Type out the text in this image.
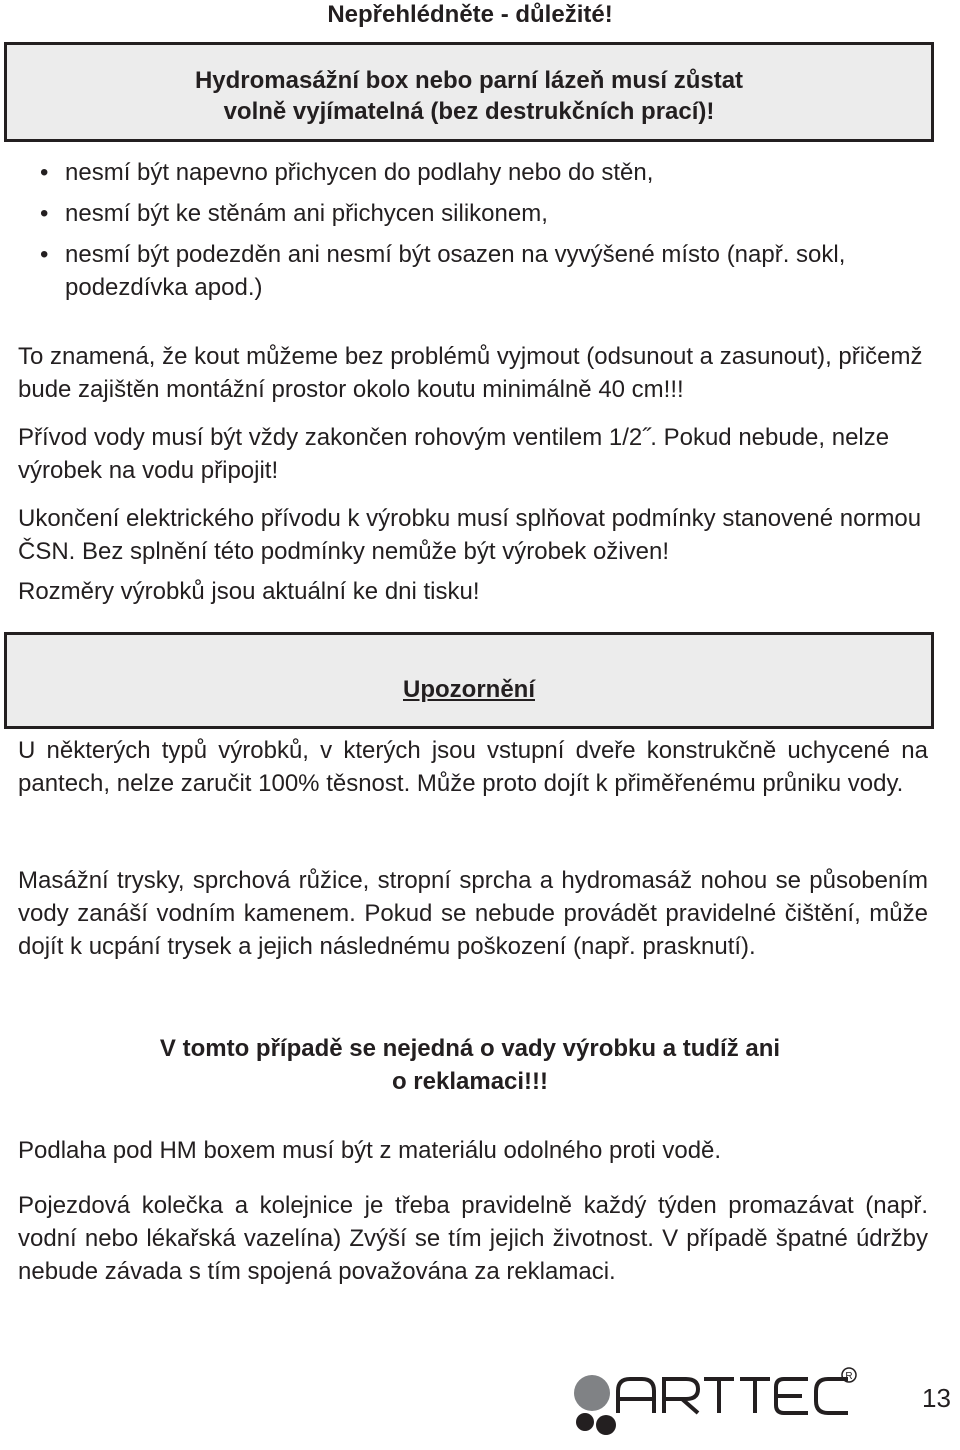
Nepřehlédněte - důležité!
Hydromasážní box nebo parní lázeň musí zůstat
volně vyjímatelná (bez destrukčních prací)!
• nesmí být napevno přichycen do podlahy nebo do stěn,
• nesmí být ke stěnám ani přichycen silikonem,
• nesmí být podezděn ani nesmí být osazen na vyvýšené místo (např. sokl, podezdívka apod.)

To znamená, že kout můžeme bez problémů vyjmout (odsunout a zasunout), přičemž bude zajištěn montážní prostor okolo koutu minimálně 40 cm!!!

Přívod vody musí být vždy zakončen rohovým ventilem 1/2˝. Pokud nebude, nelze výrobek na vodu připojit!

Ukončení elektrického přívodu k výrobku musí splňovat podmínky stanovené normou ČSN. Bez splnění této podmínky nemůže být výrobek oživen!

Rozměry výrobků jsou aktuální ke dni tisku!

Upozornění

U některých typů výrobků, v kterých jsou vstupní dveře konstrukčně uchycené na pantech, nelze zaručit 100% těsnost. Může proto dojít k přiměřenému průniku vody.

Masážní trysky, sprchová růžice, stropní sprcha a hydromasáž nohou se působením vody zanáší vodním kamenem. Pokud se nebude provádět pravidelné čištění, může dojít k ucpání trysek a jejich následnému poškození (např. prasknutí).

V tomto případě se nejedná o vady výrobku a tudíž ani
o reklamaci!!!

Podlaha pod HM boxem musí být z materiálu odolného proti vodě.

Pojezdová kolečka a kolejnice je třeba pravidelně každý týden promazávat (např. vodní nebo lékařská vazelína) Zvýší se tím jejich životnost. V případě špatné údržby nebude závada s tím spojená považována za reklamaci.

R
13
